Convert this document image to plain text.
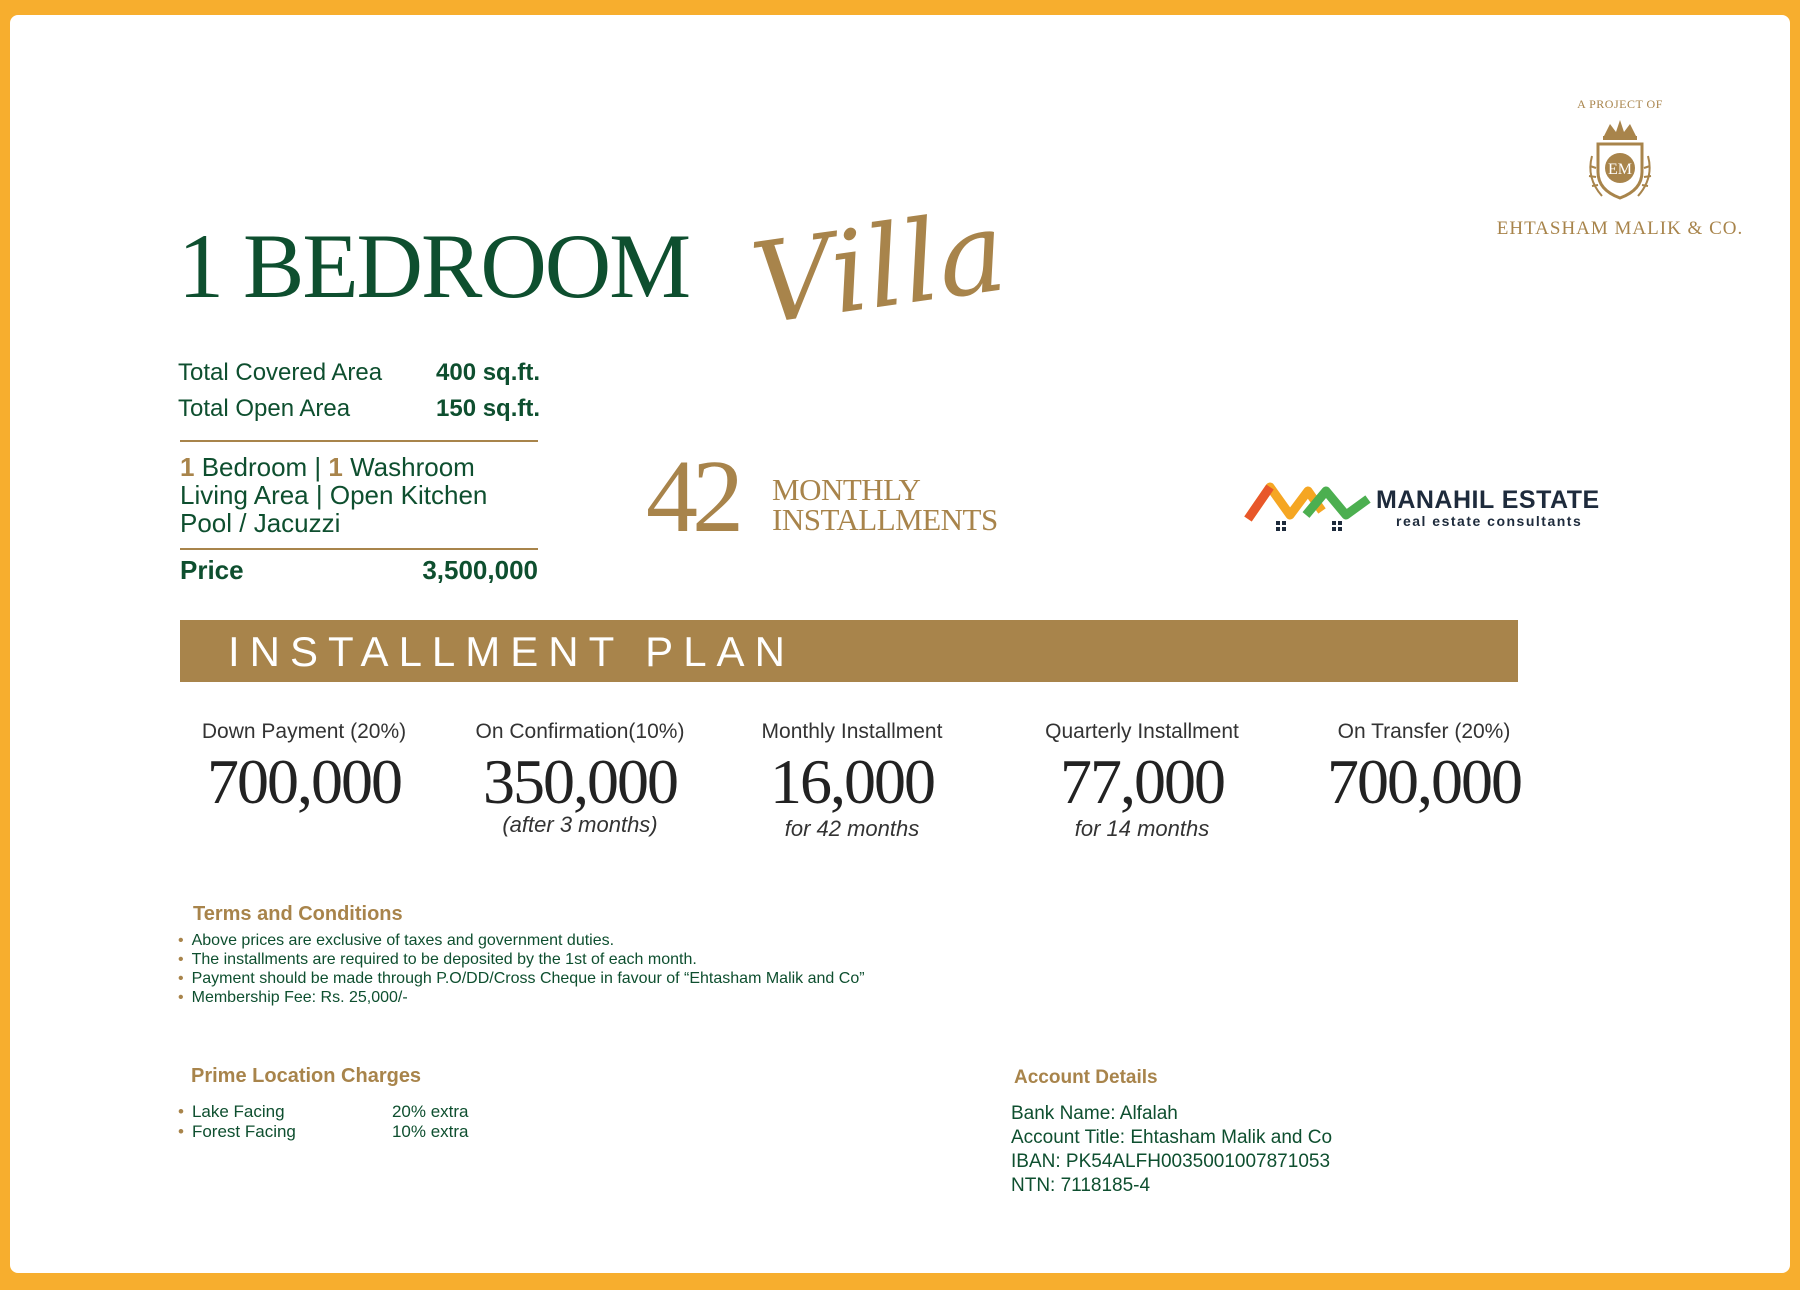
A PROJECT OF
EM
EHTASHAM MALIK & CO.
1 BEDROOM Villa
Total Covered Area	400 sq.ft.
Total Open Area	150 sq.ft.
1 Bedroom | 1 Washroom
Living Area | Open Kitchen
Pool / Jacuzzi
Price	3,500,000
42 MONTHLY
INSTALLMENTS
MANAHIL ESTATE
real estate consultants
INSTALLMENT PLAN
Down Payment (20%)
700,000
On Confirmation(10%)
350,000
(after 3 months)
Monthly Installment
16,000
for 42 months
Quarterly Installment
77,000
for 14 months
On Transfer (20%)
700,000
Terms and Conditions
• Above prices are exclusive of taxes and government duties.
• The installments are required to be deposited by the 1st of each month.
• Payment should be made through P.O/DD/Cross Cheque in favour of “Ehtasham Malik and Co”
• Membership Fee: Rs. 25,000/-
Prime Location Charges
• Lake Facing	20% extra
• Forest Facing	10% extra
Account Details
Bank Name: Alfalah
Account Title: Ehtasham Malik and Co
IBAN: PK54ALFH0035001007871053
NTN: 7118185-4
